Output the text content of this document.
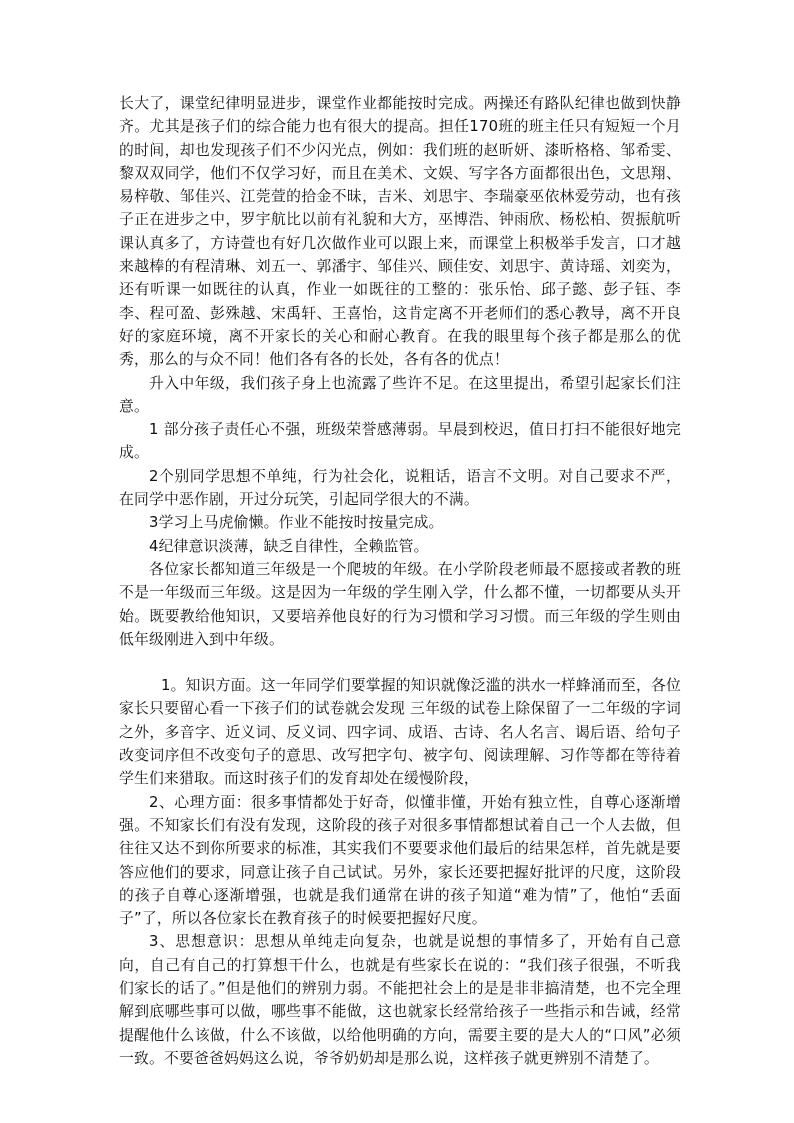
长大了，课堂纪律明显进步，课堂作业都能按时完成。两操还有路队纪律也做到快静齐。尤其是孩子们的综合能力也有很大的提高。担任170班的班主任只有短短一个月的时间，却也发现孩子们不少闪光点，例如：我们班的赵昕妍、漆昕格格、邹希雯、黎双双同学，他们不仅学习好，而且在美术、文娱、写字各方面都很出色，文思翔、易梓敬、邹佳兴、江莞萱的拾金不昧，吉米、刘思宇、李瑞豪巫依林爱劳动，也有孩子正在进步之中，罗宇航比以前有礼貌和大方，巫博浩、钟雨欣、杨松柏、贺振航听课认真多了，方诗萱也有好几次做作业可以跟上来，而课堂上积极举手发言，口才越来越棒的有程清琳、刘五一、郭潘宇、邹佳兴、顾佳安、刘思宇、黄诗瑶、刘奕为，还有听课一如既往的认真，作业一如既往的工整的：张乐怡、邱子懿、彭子钰、李李、程可盈、彭殊越、宋禹轩、王喜怡，这肯定离不开老师们的悉心教导，离不开良好的家庭环境，离不开家长的关心和耐心教育。在我的眼里每个孩子都是那么的优秀，那么的与众不同！他们各有各的长处，各有各的优点！

升入中年级，我们孩子身上也流露了些许不足。在这里提出，希望引起家长们注意。

1 部分孩子责任心不强，班级荣誉感薄弱。早晨到校迟，值日打扫不能很好地完成。

2个别同学思想不单纯，行为社会化，说粗话，语言不文明。对自己要求不严，在同学中恶作剧，开过分玩笑，引起同学很大的不满。

3学习上马虎偷懒。作业不能按时按量完成。

4纪律意识淡薄，缺乏自律性，全赖监管。

各位家长都知道三年级是一个爬坡的年级。在小学阶段老师最不愿接或者教的班不是一年级而三年级。这是因为一年级的学生刚入学，什么都不懂，一切都要从头开始。既要教给他知识，又要培养他良好的行为习惯和学习习惯。而三年级的学生则由低年级刚进入到中年级。

1。知识方面。这一年同学们要掌握的知识就像泛滥的洪水一样蜂涌而至，各位家长只要留心看一下孩子们的试卷就会发现 三年级的试卷上除保留了一二年级的字词之外，多音字、近义词、反义词、四字词、成语、古诗、名人名言、谒后语、给句子改变词序但不改变句子的意思、改写把字句、被字句、阅读理解、习作等都在等待着学生们来猎取。而这时孩子们的发育却处在缓慢阶段，

2、心理方面：很多事情都处于好奇，似懂非懂，开始有独立性，自尊心逐渐增强。不知家长们有没有发现，这阶段的孩子对很多事情都想试着自己一个人去做，但往往又达不到你所要求的标准，其实我们不要要求他们最后的结果怎样，首先就是要答应他们的要求，同意让孩子自己试试。另外，家长还要把握好批评的尺度，这阶段的孩子自尊心逐渐增强，也就是我们通常在讲的孩子知道“难为情”了，他怕“丢面子”了，所以各位家长在教育孩子的时候要把握好尺度。

3、思想意识：思想从单纯走向复杂，也就是说想的事情多了，开始有自己意向，自己有自己的打算想干什么，也就是有些家长在说的：“我们孩子很强，不听我们家长的话了。”但是他们的辨别力弱。不能把社会上的是是非非搞清楚，也不完全理解到底哪些事可以做，哪些事不能做，这也就家长经常给孩子一些指示和告诫，经常提醒他什么该做，什么不该做，以给他明确的方向，需要主要的是大人的“口风”必须一致。不要爸爸妈妈这么说，爷爷奶奶却是那么说，这样孩子就更辨别不清楚了。
